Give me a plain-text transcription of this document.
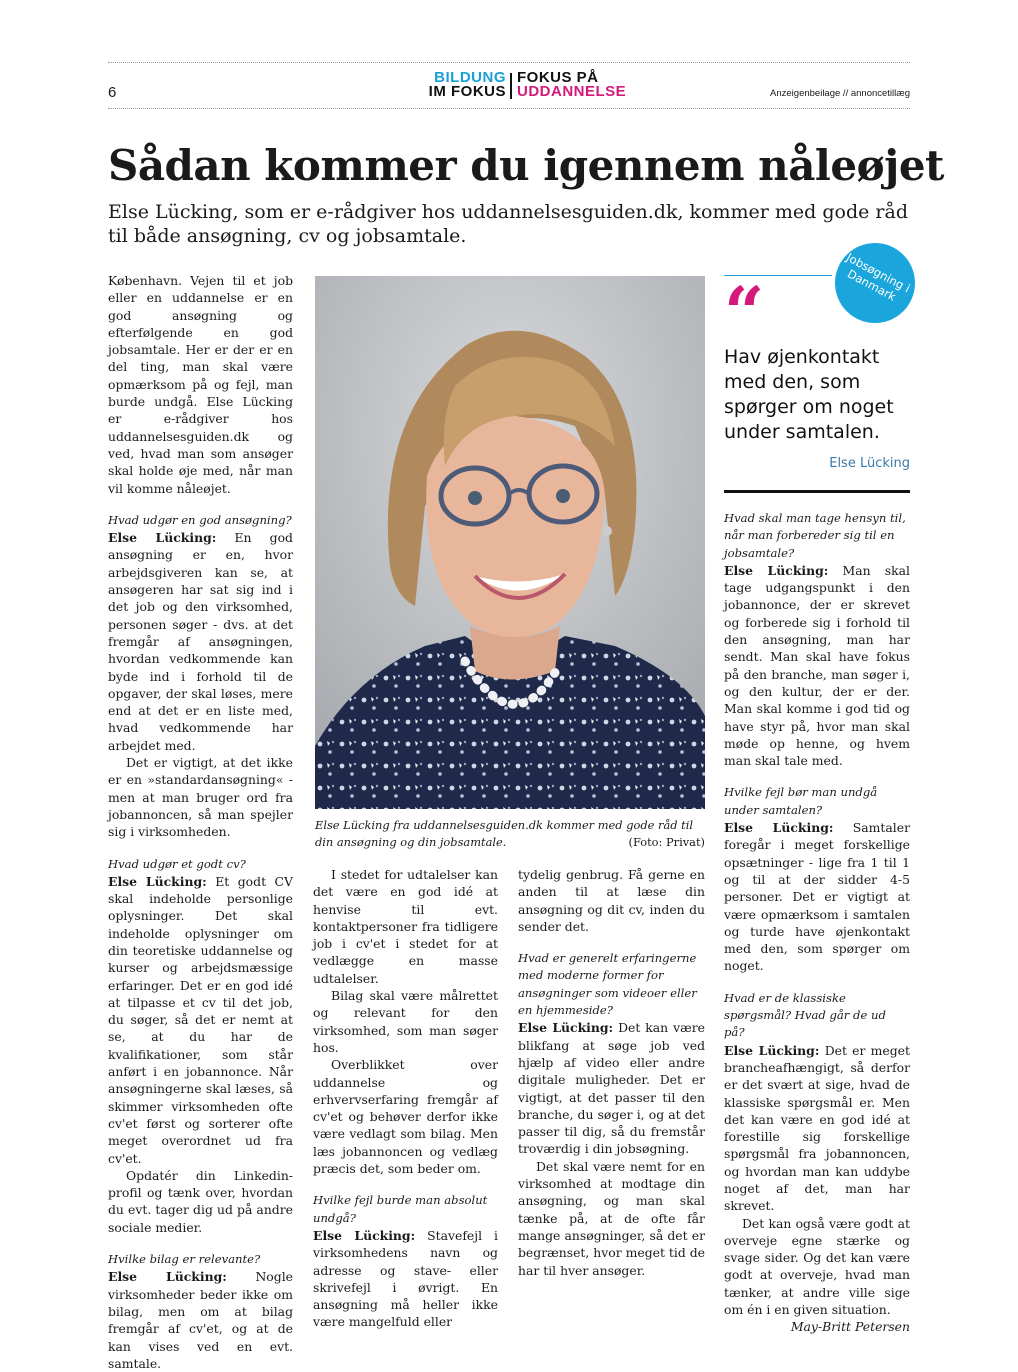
6
BILDUNG
IM FOKUS
FOKUS PÅ
UDDANNELSE	Anzeigenbeilage // annoncetillæg
Sådan kommer du igennem nåleøjet
Else Lücking, som er e-rådgiver hos uddannelsesguiden.dk, kommer med gode råd til både ansøgning, cv og jobsamtale.

København. Vejen til et job eller en uddannelse er en god ansøgning og efterfølgende en god jobsamtale. Her er der er en del ting, man skal være opmærksom på og fejl, man burde undgå. Else Lücking er e-rådgiver hos uddannelsesguiden.dk og ved, hvad man som ansøger skal holde øje med, når man vil komme nåleøjet.

Hvad udgør en god ansøgning?

Else Lücking: En god ansøgning er en, hvor arbejdsgiveren kan se, at ansøgeren har sat sig ind i det job og den virksomhed, personen søger - dvs. at det fremgår af ansøgningen, hvordan vedkommende kan byde ind i forhold til de opgaver, der skal løses, mere end at det er en liste med, hvad vedkommende har arbejdet med.

Det er vigtigt, at det ikke er en »standardansøgning« - men at man bruger ord fra jobannoncen, så man spejler sig i virksomheden.

Hvad udgør et godt cv?

Else Lücking: Et godt CV skal indeholde personlige oplysninger. Det skal indeholde oplysninger om din teoretiske uddannelse og kurser og arbejdsmæssige erfaringer. Det er en god idé at tilpasse et cv til det job, du søger, så det er nemt at se, at du har de kvalifikationer, som står anført i en jobannonce. Når ansøgningerne skal læses, så skimmer virksomheden ofte cv'et først og sorterer ofte meget overordnet ud fra cv'et.

Opdatér din Linkedin-profil og tænk over, hvordan du evt. tager dig ud på andre sociale medier.

Hvilke bilag er relevante?

Else Lücking: Nogle virksomheder beder ikke om bilag, men om at bilag fremgår af cv'et, og at de kan vises ved en evt. samtale.

Else Lücking fra uddannelsesguiden.dk kommer med gode råd til din ansøgning og din jobsamtale.	(Foto: Privat)

I stedet for udtalelser kan det være en god idé at henvise til evt. kontaktpersoner fra tidligere job i cv'et i stedet for at vedlægge en masse udtalelser.

Bilag skal være målrettet og relevant for den virksomhed, som man søger hos.

Overblikket over uddannelse og erhvervserfaring fremgår af cv'et og behøver derfor ikke være vedlagt som bilag. Men læs jobannoncen og vedlæg præcis det, som beder om.

Hvilke fejl burde man absolut undgå?

Else Lücking: Stavefejl i virksomhedens navn og adresse og stave- eller skrivefejl i øvrigt. En ansøgning må heller ikke være mangelfuld eller

tydelig genbrug. Få gerne en anden til at læse din ansøgning og dit cv, inden du sender det.

Hvad er generelt erfaringerne med moderne former for ansøgninger som videoer eller en hjemmeside?

Else Lücking: Det kan være blikfang at søge job ved hjælp af video eller andre digitale muligheder. Det er vigtigt, at det passer til den branche, du søger i, og at det passer til dig, så du fremstår troværdig i din jobsøgning.

Det skal være nemt for en virksomhed at modtage din ansøgning, og man skal tænke på, at de ofte får mange ansøgninger, så det er begrænset, hvor meget tid de har til hver ansøger.

Jobsøgning i Danmark
“
Hav øjenkontakt med den, som spørger om noget under samtalen.
Else Lücking

Hvad skal man tage hensyn til, når man forbereder sig til en jobsamtale?

Else Lücking: Man skal tage udgangspunkt i den jobannonce, der er skrevet og forberede sig i forhold til den ansøgning, man har sendt. Man skal have fokus på den branche, man søger i, og den kultur, der er der. Man skal komme i god tid og have styr på, hvor man skal møde op henne, og hvem man skal tale med.

Hvilke fejl bør man undgå under samtalen?

Else Lücking: Samtaler foregår i meget forskellige opsætninger - lige fra 1 til 1 og til at der sidder 4-5 personer. Det er vigtigt at være opmærksom i samtalen og turde have øjenkontakt med den, som spørger om noget.

Hvad er de klassiske spørgsmål? Hvad går de ud på?

Else Lücking: Det er meget brancheafhængigt, så derfor er det svært at sige, hvad de klassiske spørgsmål er. Men det kan være en god idé at forestille sig forskellige spørgsmål fra jobannoncen, og hvordan man kan uddybe noget af det, man har skrevet.

Det kan også være godt at overveje egne stærke og svage sider. Og det kan være godt at overveje, hvad man tænker, at andre ville sige om én i en given situation.

May-Britt Petersen
